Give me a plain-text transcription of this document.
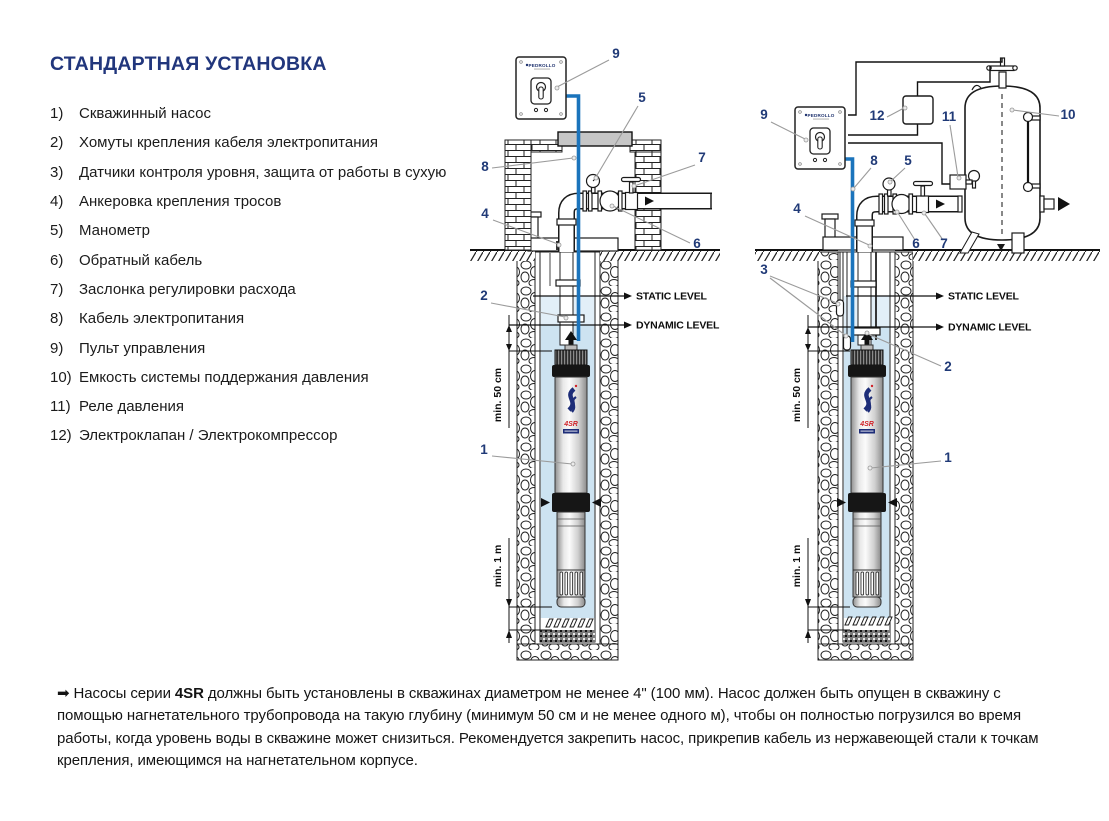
СТАНДАРТНАЯ УСТАНОВКА
1)	Скважинный насос
2)	Хомуты крепления кабеля электропитания
3)	Датчики контроля уровня, защита от работы в сухую
4)	Анкеровка крепления тросов
5)	Манометр
6)	Обратный кабель
7)	Заслонка регулировки расхода
8)	Кабель электропитания
9)	Пульт управления
10) Емкость системы поддержания давления
11) Реле давления
12) Электроклапан / Электрокомпрессор
STATIC LEVEL
DYNAMIC LEVEL
min. 50 cm
min. 1 m
PEDROLLO
4SR
9
5
8
7
4
6
2
1
STATIC LEVEL
DYNAMIC LEVEL
min. 50 cm
min. 1 m
PEDROLLO
4SR
9	12	11	10
8 5
4
6 7
3
2
1
➡ Насосы серии 4SR должны быть установлены в скважинах диаметром не менее 4" (100 мм). Насос должен быть опущен в скважину с помощью нагнетательного трубопровода на такую глубину (минимум 50 см и не менее одного м), чтобы он полностью погрузился во время работы, когда уровень воды в скважине может снизиться. Рекомендуется закрепить насос, прикрепив кабель из нержавеющей стали к точкам крепления, имеющимся на нагнетательном корпусе.
